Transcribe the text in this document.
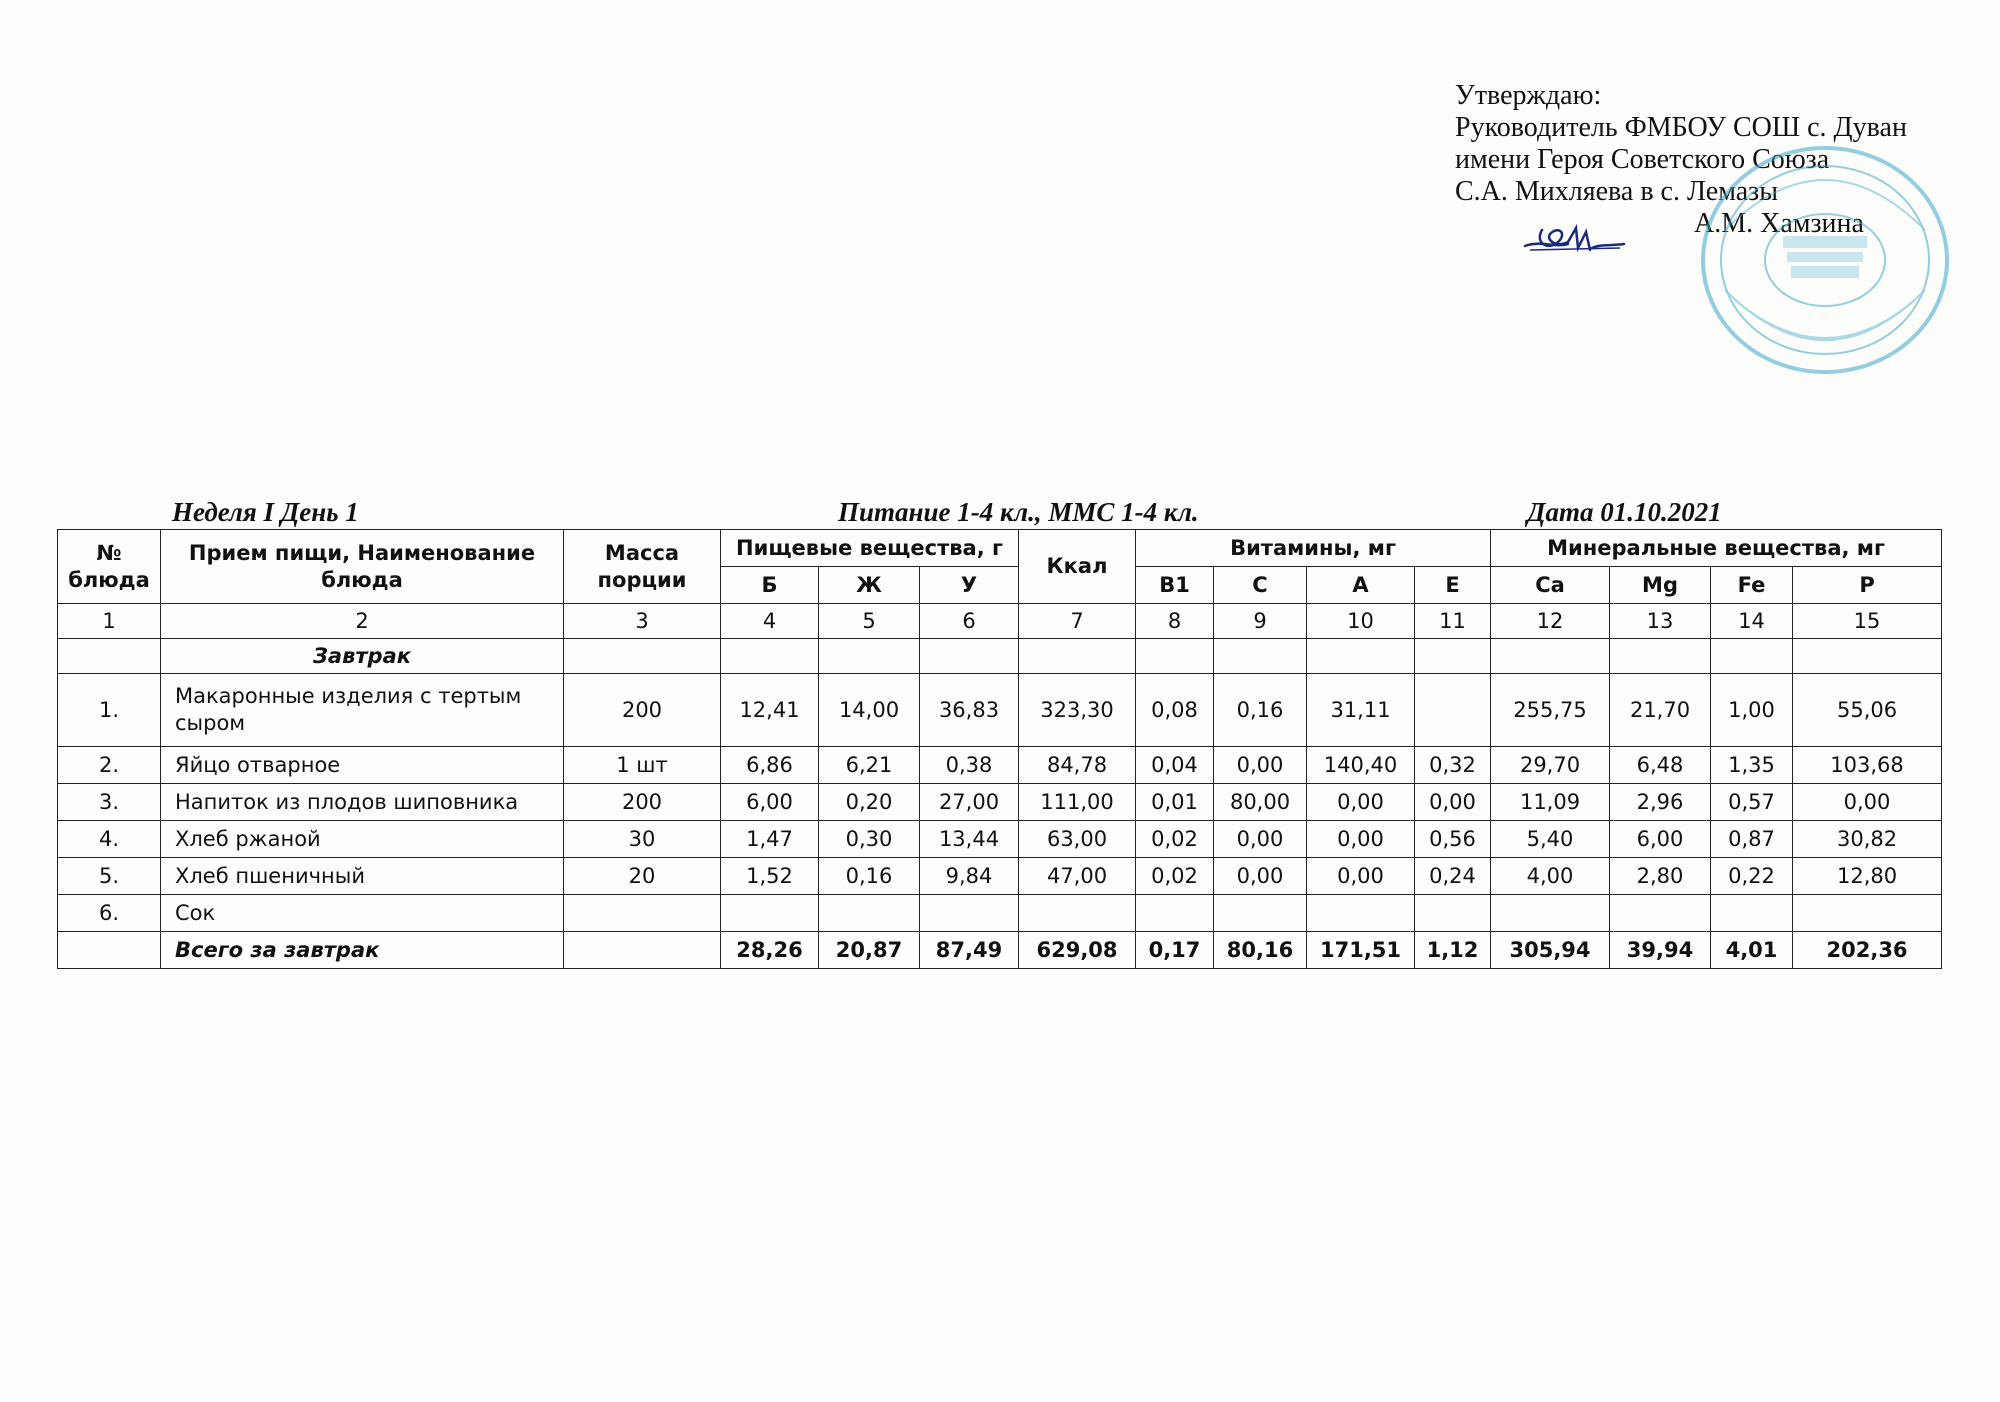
Утверждаю:
Руководитель ФМБОУ СОШ с. Дуван
имени Героя Советского Союза
С.А. Михляева в с. Лемазы
А.М. Хамзина
Неделя I День 1	Питание 1-4 кл., ММС 1-4 кл.	Дата 01.10.2021
№ блюда	Прием пищи, Наименование блюда	Масса порции	Пищевые вещества, г			Ккал	Витамины, мг				Минеральные вещества, мг			
			Б	Ж	У		В1	С	А	Е	Ca	Mg	Fe	P
1	2	3	4	5	6	7	8	9	10	11	12	13	14	15
	Завтрак													
1.	Макаронные изделия с тертым сыром	200	12,41	14,00	36,83	323,30	0,08	0,16	31,11		255,75	21,70	1,00	55,06
2.	Яйцо отварное	1 шт	6,86	6,21	0,38	84,78	0,04	0,00	140,40	0,32	29,70	6,48	1,35	103,68
3.	Напиток из плодов шиповника	200	6,00	0,20	27,00	111,00	0,01	80,00	0,00	0,00	11,09	2,96	0,57	0,00
4.	Хлеб ржаной	30	1,47	0,30	13,44	63,00	0,02	0,00	0,00	0,56	5,40	6,00	0,87	30,82
5.	Хлеб пшеничный	20	1,52	0,16	9,84	47,00	0,02	0,00	0,00	0,24	4,00	2,80	0,22	12,80
6.	Сок													
	Всего за завтрак		28,26	20,87	87,49	629,08	0,17	80,16	171,51	1,12	305,94	39,94	4,01	202,36
